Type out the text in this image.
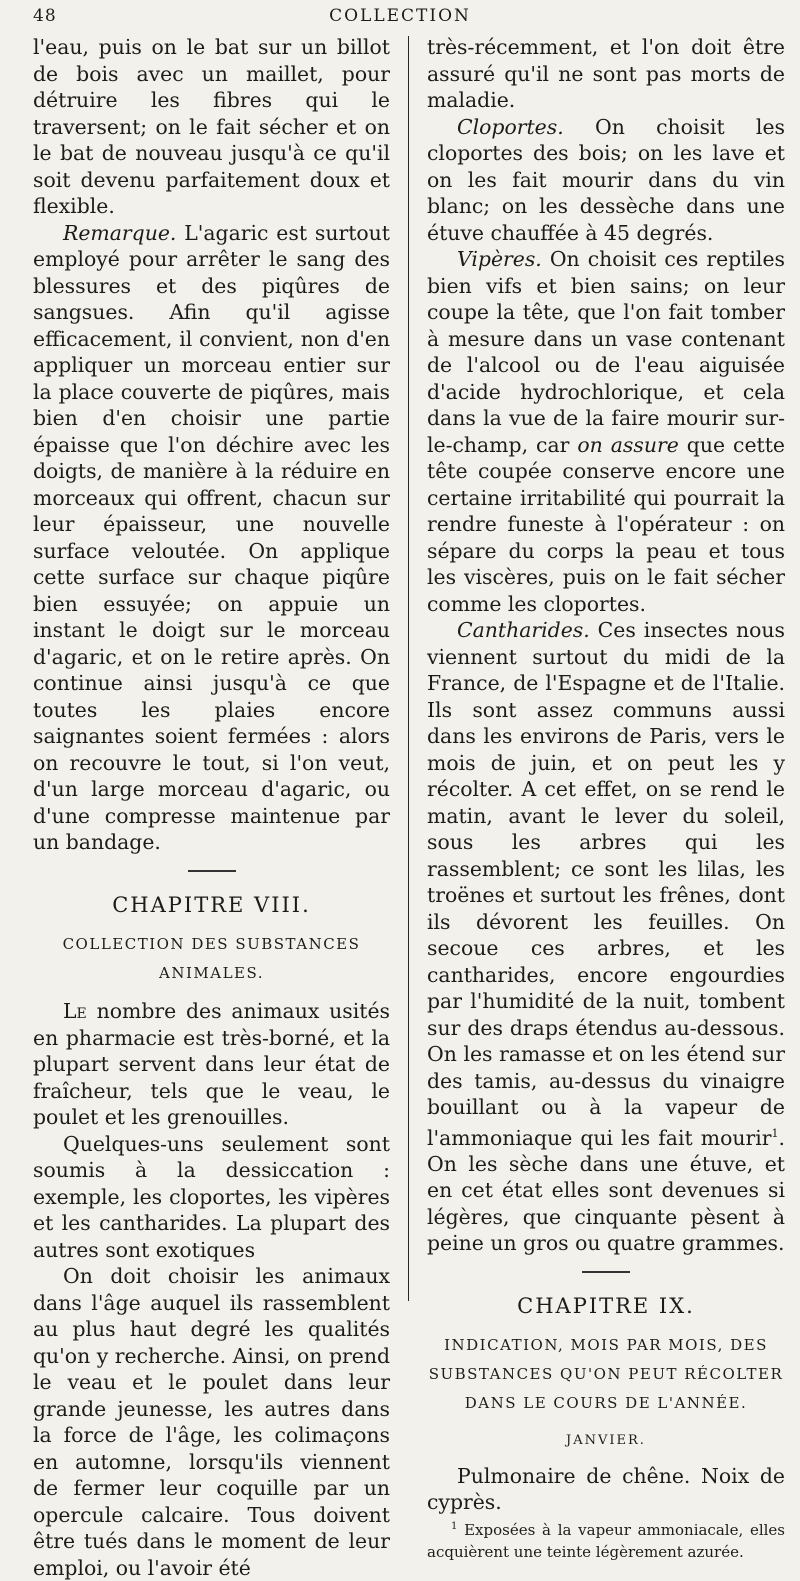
48	COLLECTION

l'eau, puis on le bat sur un billot de bois avec un maillet, pour détruire les fibres qui le traversent; on le fait sécher et on le bat de nouveau jusqu'à ce qu'il soit devenu parfaitement doux et flexible.

Remarque. L'agaric est surtout employé pour arrêter le sang des blessures et des piqûres de sangsues. Afin qu'il agisse efficacement, il convient, non d'en appliquer un morceau entier sur la place couverte de piqûres, mais bien d'en choisir une partie épaisse que l'on déchire avec les doigts, de manière à la réduire en morceaux qui offrent, chacun sur leur épaisseur, une nouvelle surface veloutée. On applique cette surface sur chaque piqûre bien essuyée; on appuie un instant le doigt sur le morceau d'agaric, et on le retire après. On continue ainsi jusqu'à ce que toutes les plaies encore saignantes soient fermées : alors on recouvre le tout, si l'on veut, d'un large morceau d'agaric, ou d'une compresse maintenue par un bandage.

CHAPITRE VIII.
COLLECTION DES SUBSTANCES ANIMALES.

Le nombre des animaux usités en pharmacie est très-borné, et la plupart servent dans leur état de fraîcheur, tels que le veau, le poulet et les grenouilles.

Quelques-uns seulement sont soumis à la dessiccation : exemple, les cloportes, les vipères et les cantharides. La plupart des autres sont exotiques

On doit choisir les animaux dans l'âge auquel ils rassemblent au plus haut degré les qualités qu'on y recherche. Ainsi, on prend le veau et le poulet dans leur grande jeunesse, les autres dans la force de l'âge, les colimaçons en automne, lorsqu'ils viennent de fermer leur coquille par un opercule calcaire. Tous doivent être tués dans le moment de leur emploi, ou l'avoir été

très-récemment, et l'on doit être assuré qu'il ne sont pas morts de maladie.

Cloportes. On choisit les cloportes des bois; on les lave et on les fait mourir dans du vin blanc; on les dessèche dans une étuve chauffée à 45 degrés.

Vipères. On choisit ces reptiles bien vifs et bien sains; on leur coupe la tête, que l'on fait tomber à mesure dans un vase contenant de l'alcool ou de l'eau aiguisée d'acide hydrochlorique, et cela dans la vue de la faire mourir sur-le-champ, car on assure que cette tête coupée conserve encore une certaine irritabilité qui pourrait la rendre funeste à l'opérateur : on sépare du corps la peau et tous les viscères, puis on le fait sécher comme les cloportes.

Cantharides. Ces insectes nous viennent surtout du midi de la France, de l'Espagne et de l'Italie. Ils sont assez communs aussi dans les environs de Paris, vers le mois de juin, et on peut les y récolter. A cet effet, on se rend le matin, avant le lever du soleil, sous les arbres qui les rassemblent; ce sont les lilas, les troënes et surtout les frênes, dont ils dévorent les feuilles. On secoue ces arbres, et les cantharides, encore engourdies par l'humidité de la nuit, tombent sur des draps étendus au-dessous. On les ramasse et on les étend sur des tamis, au-dessus du vinaigre bouillant ou à la vapeur de l'ammoniaque qui les fait mourir$^1$. On les sèche dans une étuve, et en cet état elles sont devenues si légères, que cinquante pèsent à peine un gros ou quatre grammes.

CHAPITRE IX.
INDICATION, MOIS PAR MOIS, DES SUBSTANCES QU'ON PEUT RÉCOLTER DANS LE COURS DE L'ANNÉE.
JANVIER.

Pulmonaire de chêne. Noix de cyprès.

$^1$ Exposées à la vapeur ammoniacale, elles acquièrent une teinte légèrement azurée.
